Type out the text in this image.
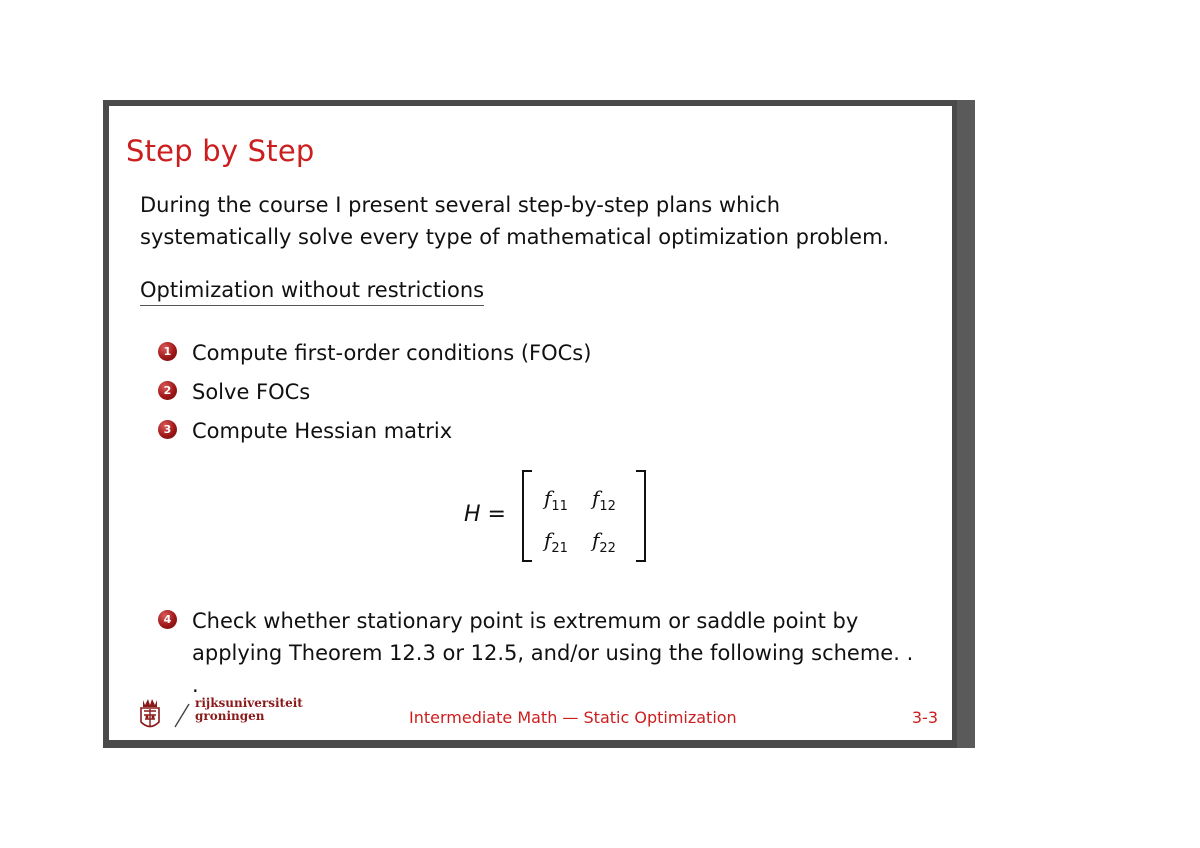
Step by Step

During the course I present several step-by-step plans which
systematically solve every type of mathematical optimization problem.

Optimization without restrictions

1 Compute first-order conditions (FOCs)
2 Solve FOCs
3 Compute Hessian matrix
4 Check whether stationary point is extremum or saddle point by
applying Theorem 12.3 or 12.5, and/or using the following scheme. . .
H =
$f_{11}$ $f_{12}$
$f_{21}$ $f_{22}$
rijksuniversiteit
groningen	Intermediate Math — Static Optimization	3-3
